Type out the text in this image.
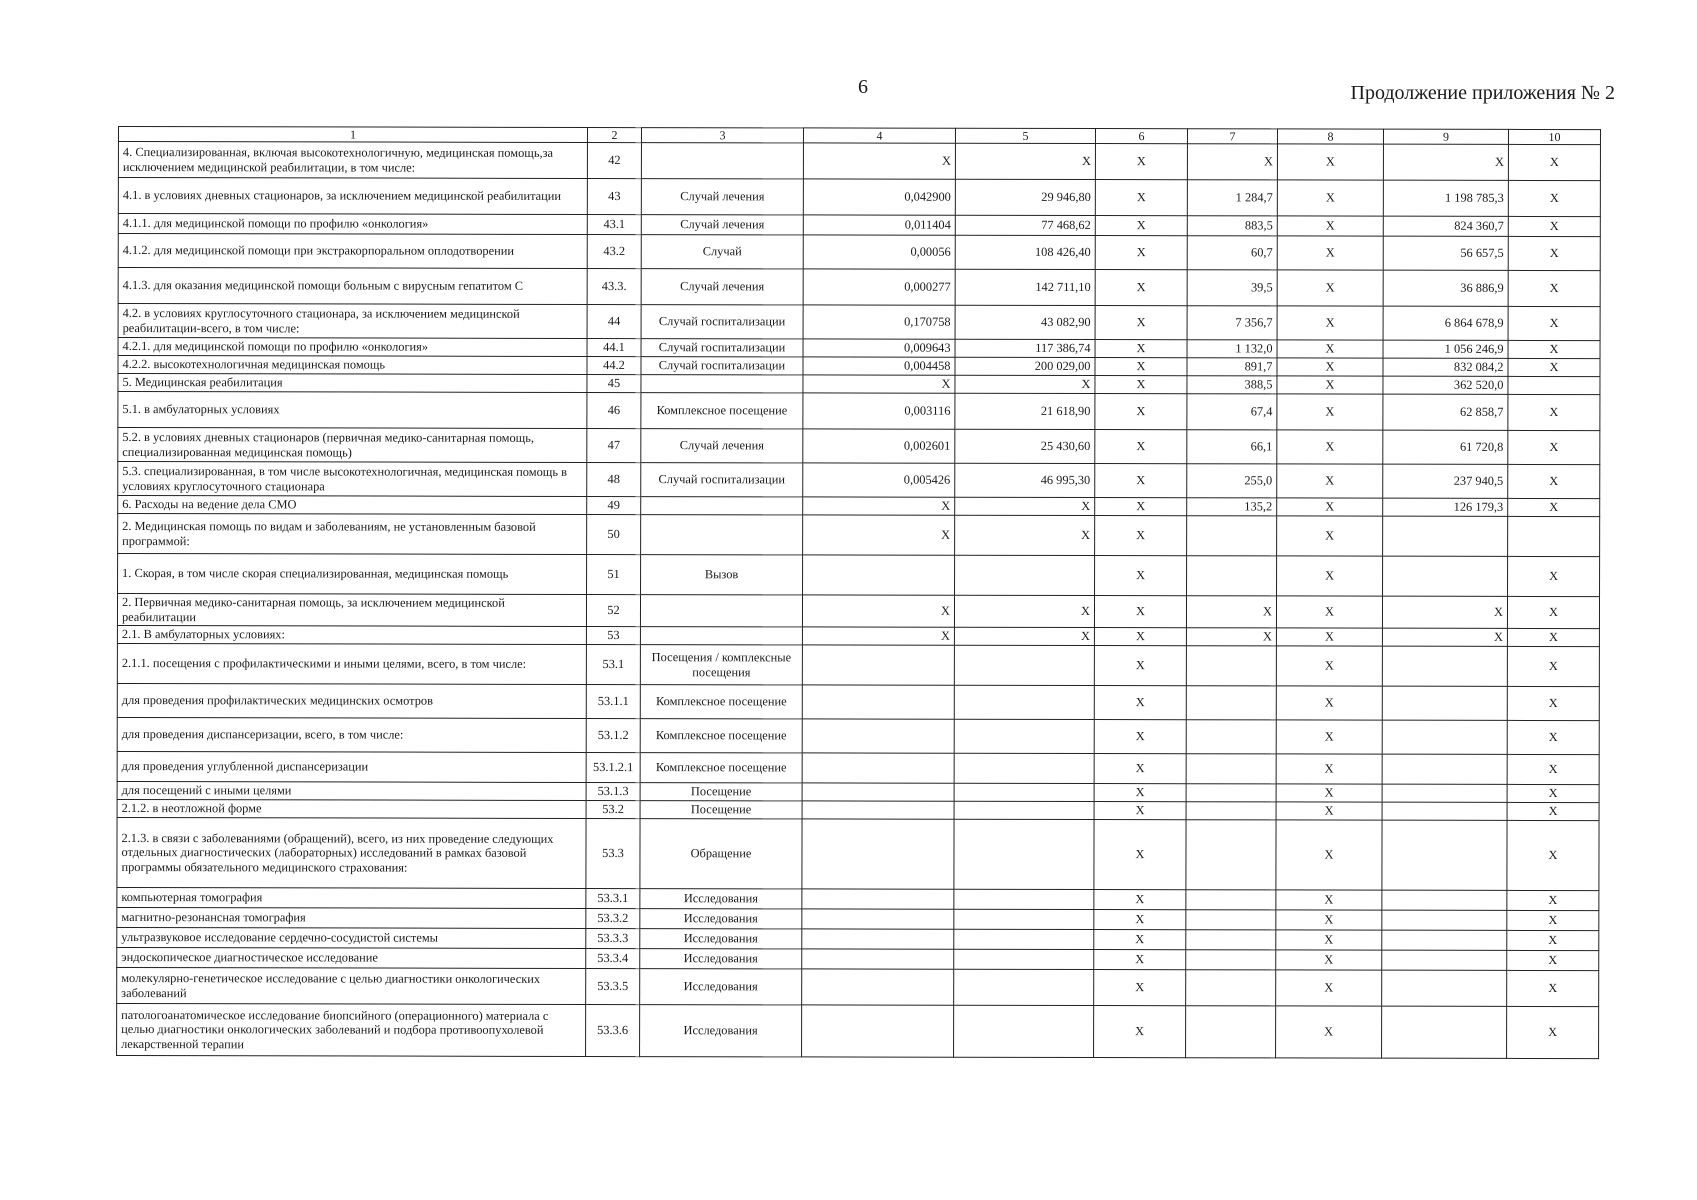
6	Продолжение приложения № 2
1	2	3	4	5	6	7	8	9	10
4. Специализированная, включая высокотехнологичную, медицинская помощь,за исключением медицинской реабилитации, в том числе:	42		X	X	X	X	X	X	X
4.1. в условиях дневных стационаров, за исключением медицинской реабилитации	43	Случай лечения	0,042900	29 946,80	X	1 284,7	X	1 198 785,3	X
4.1.1. для медицинской помощи по профилю «онкология»	43.1	Случай лечения	0,011404	77 468,62	X	883,5	X	824 360,7	X
4.1.2. для медицинской помощи при экстракорпоральном оплодотворении	43.2	Случай	0,00056	108 426,40	X	60,7	X	56 657,5	X
4.1.3. для оказания медицинской помощи больным с вирусным гепатитом С	43.3.	Случай лечения	0,000277	142 711,10	X	39,5	X	36 886,9	X
4.2. в условиях круглосуточного стационара, за исключением медицинской реабилитации-всего, в том числе:	44	Случай госпитализации	0,170758	43 082,90	X	7 356,7	X	6 864 678,9	X
4.2.1. для медицинской помощи по профилю «онкология»	44.1	Случай госпитализации	0,009643	117 386,74	X	1 132,0	X	1 056 246,9	X
4.2.2. высокотехнологичная медицинская помощь	44.2	Случай госпитализации	0,004458	200 029,00	X	891,7	X	832 084,2	X
5. Медицинская реабилитация	45		X	X	X	388,5	X	362 520,0	
5.1. в амбулаторных условиях	46	Комплексное посещение	0,003116	21 618,90	X	67,4	X	62 858,7	X
5.2. в условиях дневных стационаров (первичная медико-санитарная помощь, специализированная медицинская помощь)	47	Случай лечения	0,002601	25 430,60	X	66,1	X	61 720,8	X
5.3. специализированная, в том числе высокотехнологичная, медицинская помощь в условиях круглосуточного стационара	48	Случай госпитализации	0,005426	46 995,30	X	255,0	X	237 940,5	X
6. Расходы на ведение дела СМО	49		X	X	X	135,2	X	126 179,3	X
2. Медицинская помощь по видам и заболеваниям, не установленным базовой программой:	50		X	X	X		X		
1. Скорая, в том числе скорая специализированная, медицинская помощь	51	Вызов			X		X		X
2. Первичная медико-санитарная помощь, за исключением медицинской реабилитации	52		X	X	X	X	X	X	X
2.1. В амбулаторных условиях:	53		X	X	X	X	X	X	X
2.1.1. посещения с профилактическими и иными целями, всего, в том числе:	53.1	Посещения / комплексные посещения			X		X		X
для проведения профилактических медицинских осмотров	53.1.1	Комплексное посещение			X		X		X
для проведения диспансеризации, всего, в том числе:	53.1.2	Комплексное посещение			X		X		X
для проведения углубленной диспансеризации	53.1.2.1	Комплексное посещение			X		X		X
для посещений с иными целями	53.1.3	Посещение			X		X		X
2.1.2. в неотложной форме	53.2	Посещение			X		X		X
2.1.3. в связи с заболеваниями (обращений), всего, из них проведение следующих отдельных диагностических (лабораторных) исследований в рамках базовой программы обязательного медицинского страхования:	53.3	Обращение			X		X		X
компьютерная томография	53.3.1	Исследования			X		X		X
магнитно-резонансная томография	53.3.2	Исследования			X		X		X
ультразвуковое исследование сердечно-сосудистой системы	53.3.3	Исследования			X		X		X
эндоскопическое диагностическое исследование	53.3.4	Исследования			X		X		X
молекулярно-генетическое исследование с целью диагностики онкологических заболеваний	53.3.5	Исследования			X		X		X
патологоанатомическое исследование биопсийного (операционного) материала с целью диагностики онкологических заболеваний и подбора противоопухолевой лекарственной терапии	53.3.6	Исследования			X		X		X
